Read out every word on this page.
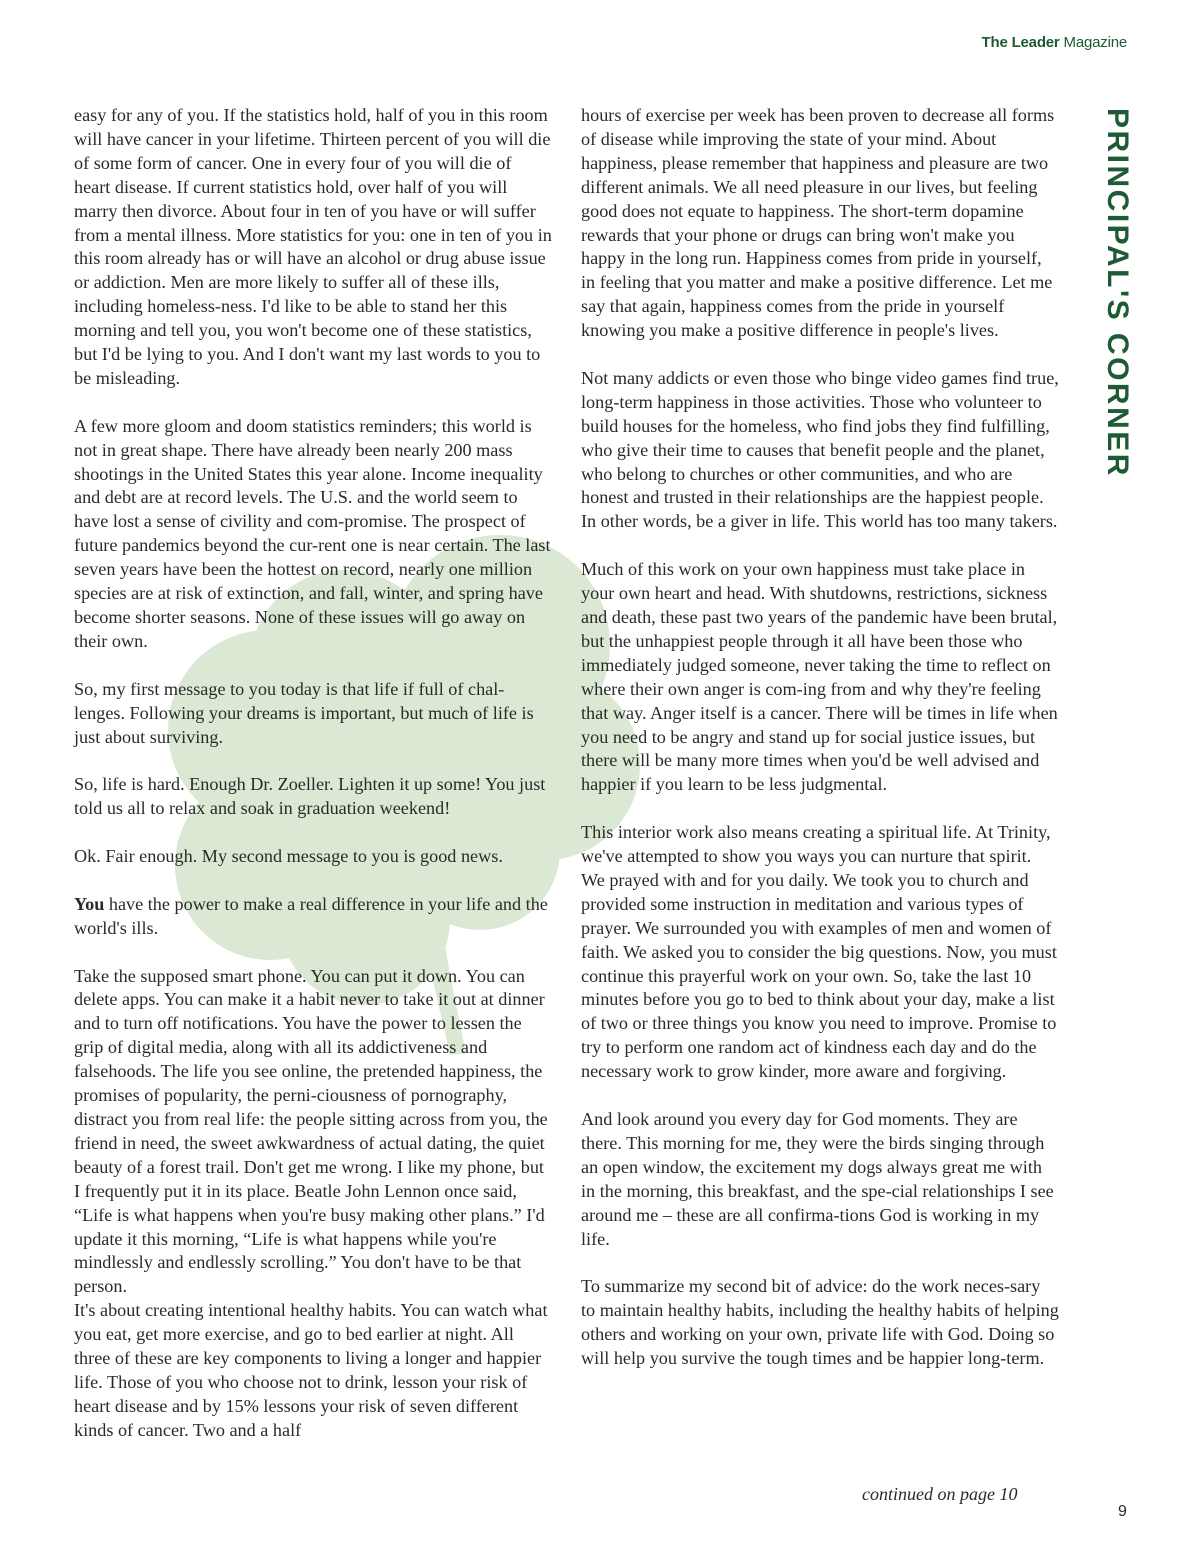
The Leader Magazine
PRINCIPAL'S CORNER

easy for any of you. If the statistics hold, half of you in this room will have cancer in your lifetime. Thirteen percent of you will die of some form of cancer. One in every four of you will die of heart disease. If current statistics hold, over half of you will marry then divorce. About four in ten of you have or will suffer from a mental illness. More statistics for you: one in ten of you in this room already has or will have an alcohol or drug abuse issue or addiction. Men are more likely to suffer all of these ills, including homeless-ness. I'd like to be able to stand her this morning and tell you, you won't become one of these statistics, but I'd be lying to you. And I don't want my last words to you to be misleading.

A few more gloom and doom statistics reminders; this world is not in great shape. There have already been nearly 200 mass shootings in the United States this year alone. Income inequality and debt are at record levels. The U.S. and the world seem to have lost a sense of civility and com-promise. The prospect of future pandemics beyond the cur-rent one is near certain. The last seven years have been the hottest on record, nearly one million species are at risk of extinction, and fall, winter, and spring have become shorter seasons. None of these issues will go away on their own.

So, my first message to you today is that life if full of chal-lenges. Following your dreams is important, but much of life is just about surviving.

So, life is hard. Enough Dr. Zoeller. Lighten it up some! You just told us all to relax and soak in graduation weekend!

Ok. Fair enough. My second message to you is good news.

You have the power to make a real difference in your life and the world's ills.

Take the supposed smart phone. You can put it down. You can delete apps. You can make it a habit never to take it out at dinner and to turn off notifications. You have the power to lessen the grip of digital media, along with all its addictiveness and falsehoods. The life you see online, the pretended happiness, the promises of popularity, the perni-ciousness of pornography, distract you from real life: the people sitting across from you, the friend in need, the sweet awkwardness of actual dating, the quiet beauty of a forest trail. Don't get me wrong. I like my phone, but I frequently put it in its place. Beatle John Lennon once said, “Life is what happens when you're busy making other plans.” I'd update it this morning, “Life is what happens while you're mindlessly and endlessly scrolling.” You don't have to be that person.

It's about creating intentional healthy habits. You can watch what you eat, get more exercise, and go to bed earlier at night. All three of these are key components to living a longer and happier life. Those of you who choose not to drink, lesson your risk of heart disease and by 15% lessons your risk of seven different kinds of cancer. Two and a half

hours of exercise per week has been proven to decrease all forms of disease while improving the state of your mind. About happiness, please remember that happiness and pleasure are two different animals. We all need pleasure in our lives, but feeling good does not equate to happiness. The short-term dopamine rewards that your phone or drugs can bring won't make you happy in the long run. Happiness comes from pride in yourself, in feeling that you matter and make a positive difference. Let me say that again, happiness comes from the pride in yourself knowing you make a positive difference in people's lives.

Not many addicts or even those who binge video games find true, long-term happiness in those activities. Those who volunteer to build houses for the homeless, who find jobs they find fulfilling, who give their time to causes that benefit people and the planet, who belong to churches or other communities, and who are honest and trusted in their relationships are the happiest people. In other words, be a giver in life. This world has too many takers.

Much of this work on your own happiness must take place in your own heart and head. With shutdowns, restrictions, sickness and death, these past two years of the pandemic have been brutal, but the unhappiest people through it all have been those who immediately judged someone, never taking the time to reflect on where their own anger is com-ing from and why they're feeling that way. Anger itself is a cancer. There will be times in life when you need to be angry and stand up for social justice issues, but there will be many more times when you'd be well advised and happier if you learn to be less judgmental.

This interior work also means creating a spiritual life. At Trinity, we've attempted to show you ways you can nurture that spirit. We prayed with and for you daily. We took you to church and provided some instruction in meditation and various types of prayer. We surrounded you with examples of men and women of faith. We asked you to consider the big questions. Now, you must continue this prayerful work on your own. So, take the last 10 minutes before you go to bed to think about your day, make a list of two or three things you know you need to improve. Promise to try to perform one random act of kindness each day and do the necessary work to grow kinder, more aware and forgiving.

And look around you every day for God moments. They are there. This morning for me, they were the birds singing through an open window, the excitement my dogs always great me with in the morning, this breakfast, and the spe-cial relationships I see around me – these are all confirma-tions God is working in my life.

To summarize my second bit of advice: do the work neces-sary to maintain healthy habits, including the healthy habits of helping others and working on your own, private life with God. Doing so will help you survive the tough times and be happier long-term.

continued on page 10
9
